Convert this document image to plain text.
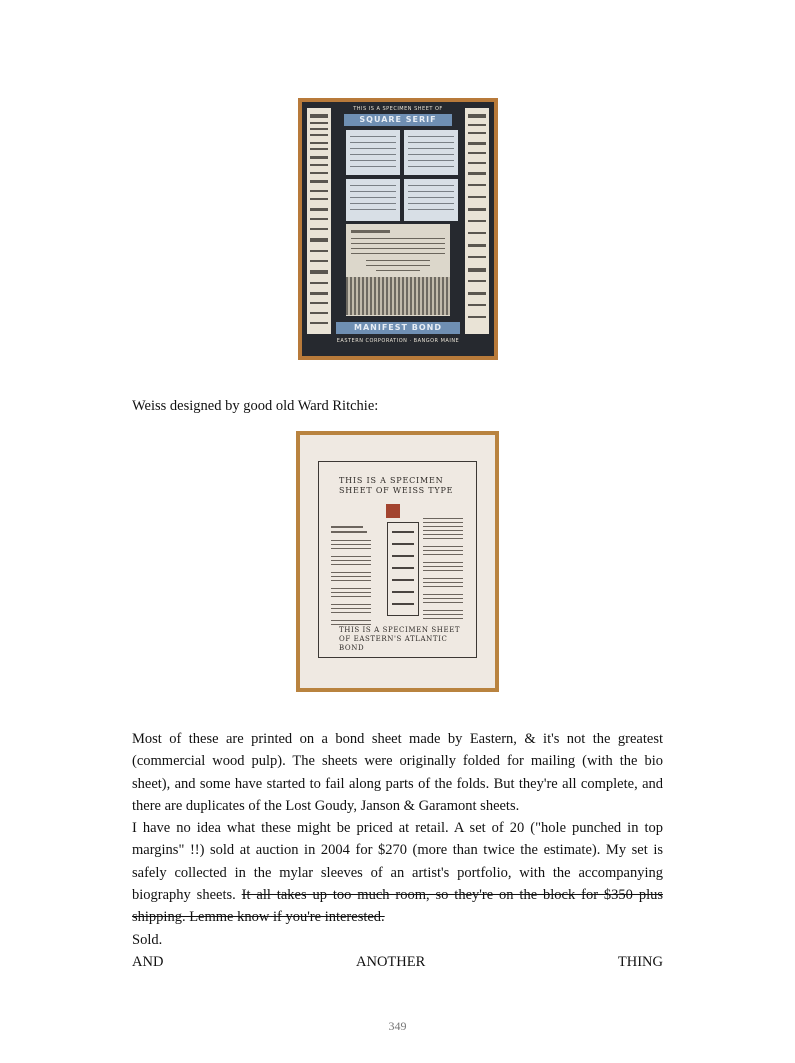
THIS IS A SPECIMEN SHEET OF
SQUARE SERIF
MANIFEST BOND
EASTERN CORPORATION · BANGOR MAINE
Weiss designed by good old Ward Ritchie:
THIS IS A SPECIMEN
SHEET OF WEISS TYPE
THIS IS A SPECIMEN SHEET
OF EASTERN'S ATLANTIC BOND

Most of these are printed on a bond sheet made by Eastern, & it's not the greatest (commercial wood pulp). The sheets were originally folded for mailing (with the bio sheet), and some have started to fail along parts of the folds. But they're all complete, and there are duplicates of the Lost Goudy, Janson & Garamont sheets.

I have no idea what these might be priced at retail. A set of 20 ("hole punched in top margins" !!) sold at auction in 2004 for $270 (more than twice the estimate). My set is safely collected in the mylar sleeves of an artist's portfolio, with the accompanying biography sheets. It all takes up too much room, so they're on the block for $350 plus shipping. Lemme know if you're interested.

Sold.

AND	ANOTHER	THING
349
